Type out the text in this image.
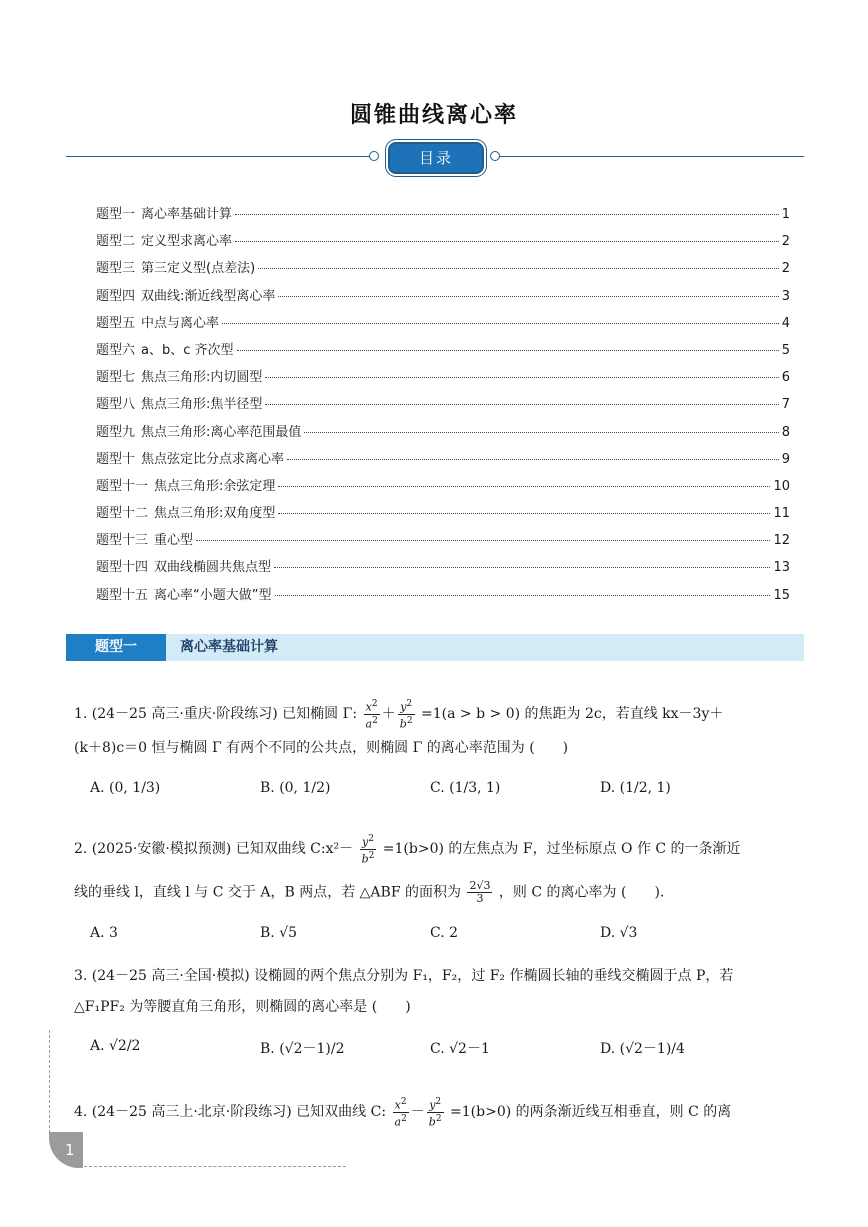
圆锥曲线离心率
目录
题型一 离心率基础计算	1
题型二 定义型求离心率	2
题型三 第三定义型(点差法)	2
题型四 双曲线:渐近线型离心率	3
题型五 中点与离心率	4
题型六 a、b、c 齐次型	5
题型七 焦点三角形:内切圆型	6
题型八 焦点三角形:焦半径型	7
题型九 焦点三角形:离心率范围最值	8
题型十 焦点弦定比分点求离心率	9
题型十一 焦点三角形:余弦定理	10
题型十二 焦点三角形:双角度型	11
题型十三 重心型	12
题型十四 双曲线椭圆共焦点型	13
题型十五 离心率“小题大做”型	15
题型一	离心率基础计算
1. (24－25 高三·重庆·阶段练习) 已知椭圆 Γ: $\frac{x^2}{a^2} + \frac{y^2}{b^2} =1(a > b > 0)$ 的焦距为 2c，若直线 kx－3y＋
(k＋8)c＝0 恒与椭圆 Γ 有两个不同的公共点，则椭圆 Γ 的离心率范围为 (　　)
A. (0, 1/3)	B. (0, 1/2)	C. (1/3, 1)	D. (1/2, 1)
2. (2025·安徽·模拟预测) 已知双曲线 C:x²－ $\frac{y^2}{b^2} =1(b>0)$ 的左焦点为 F，过坐标原点 O 作 C 的一条渐近
线的垂线 l，直线 l 与 C 交于 A，B 两点，若 △ABF 的面积为 $\frac{2√3}{3}$ ，则 C 的离心率为 (　　).
A. 3	B. √5	C. 2	D. √3
3. (24－25 高三·全国·模拟) 设椭圆的两个焦点分别为 F₁，F₂，过 F₂ 作椭圆长轴的垂线交椭圆于点 P，若
△F₁PF₂ 为等腰直角三角形，则椭圆的离心率是 (　　)
A. √2/2	B. (√2－1)/2	C. √2－1	D. (√2－1)/4
4. (24－25 高三上·北京·阶段练习) 已知双曲线 C: $\frac{x^2}{a^2} - \frac{y^2}{b^2} =1(b>0)$ 的两条渐近线互相垂直，则 C 的离
1
